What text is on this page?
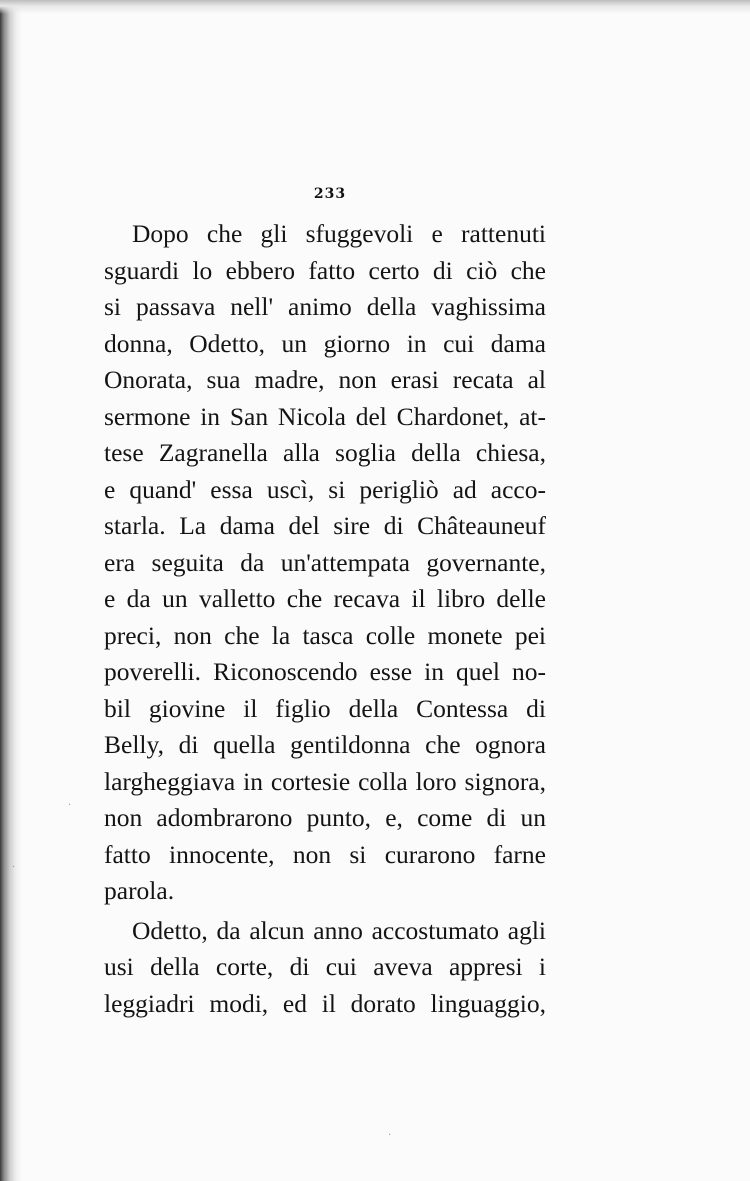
233
Dopo che gli sfuggevoli e rattenuti
sguardi lo ebbero fatto certo di ciò che
si passava nell' animo della vaghissima
donna, Odetto, un giorno in cui dama
Onorata, sua madre, non erasi recata al
sermone in San Nicola del Chardonet, at-
tese Zagranella alla soglia della chiesa,
e quand' essa uscì, si perigliò ad acco-
starla. La dama del sire di Châteauneuf
era seguita da un'attempata governante,
e da un valletto che recava il libro delle
preci, non che la tasca colle monete pei
poverelli. Riconoscendo esse in quel no-
bil giovine il figlio della Contessa di
Belly, di quella gentildonna che ognora
largheggiava in cortesie colla loro signora,
non adombrarono punto, e, come di un
fatto innocente, non si curarono farne
parola.
Odetto, da alcun anno accostumato agli
usi della corte, di cui aveva appresi i
leggiadri modi, ed il dorato linguaggio,
·
·
·
